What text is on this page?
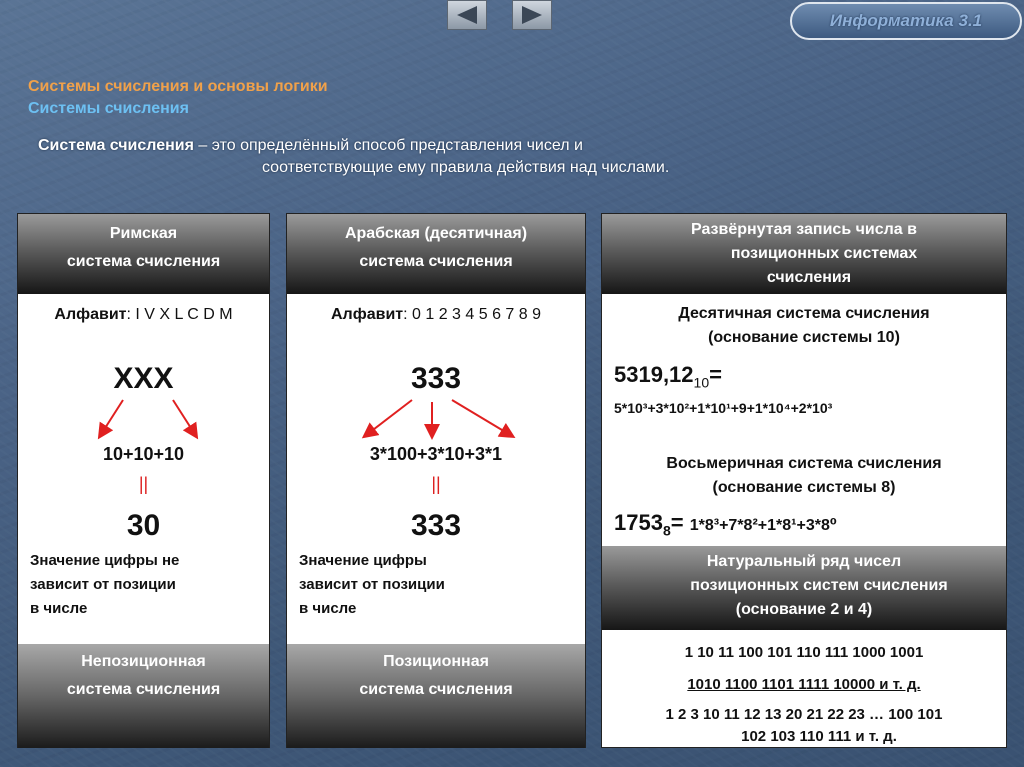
Информатика 3.1
Системы счисления и основы логики
Системы счисления
Система счисления – это определённый способ представления чисел и
соответствующие ему правила действия над числами.
Римская
система счисления
Алфавит: I V X L C D M
XXX
10+10+10
||
30
Значение цифры не
зависит от позиции
в числе
Непозиционная
система счисления
Арабская (десятичная)
система счисления
Алфавит: 0 1 2 3 4 5 6 7 8 9
333
3*100+3*10+3*1
||
333
Значение цифры
зависит от позиции
в числе
Позиционная
система счисления
Развёрнутая запись числа в
позиционных системах
счисления
Десятичная система счисления
(основание системы 10)
$5319,12_{10}=$
5*10³+3*10²+1*10¹+9+1*10⁴+2*10³
Восьмеричная система счисления
(основание системы 8)
$1753_8= 1*8^3+7*8^2+1*8^1+3*8^0$
Натуральный ряд чисел
позиционных систем счисления
(основание 2 и 4)
1 10 11 100 101 110 111 1000 1001
1010 1100 1101 1111 10000 и т. д.
1 2 3 10 11 12 13 20 21 22 23 … 100 101
102 103 110 111 и т. д.
